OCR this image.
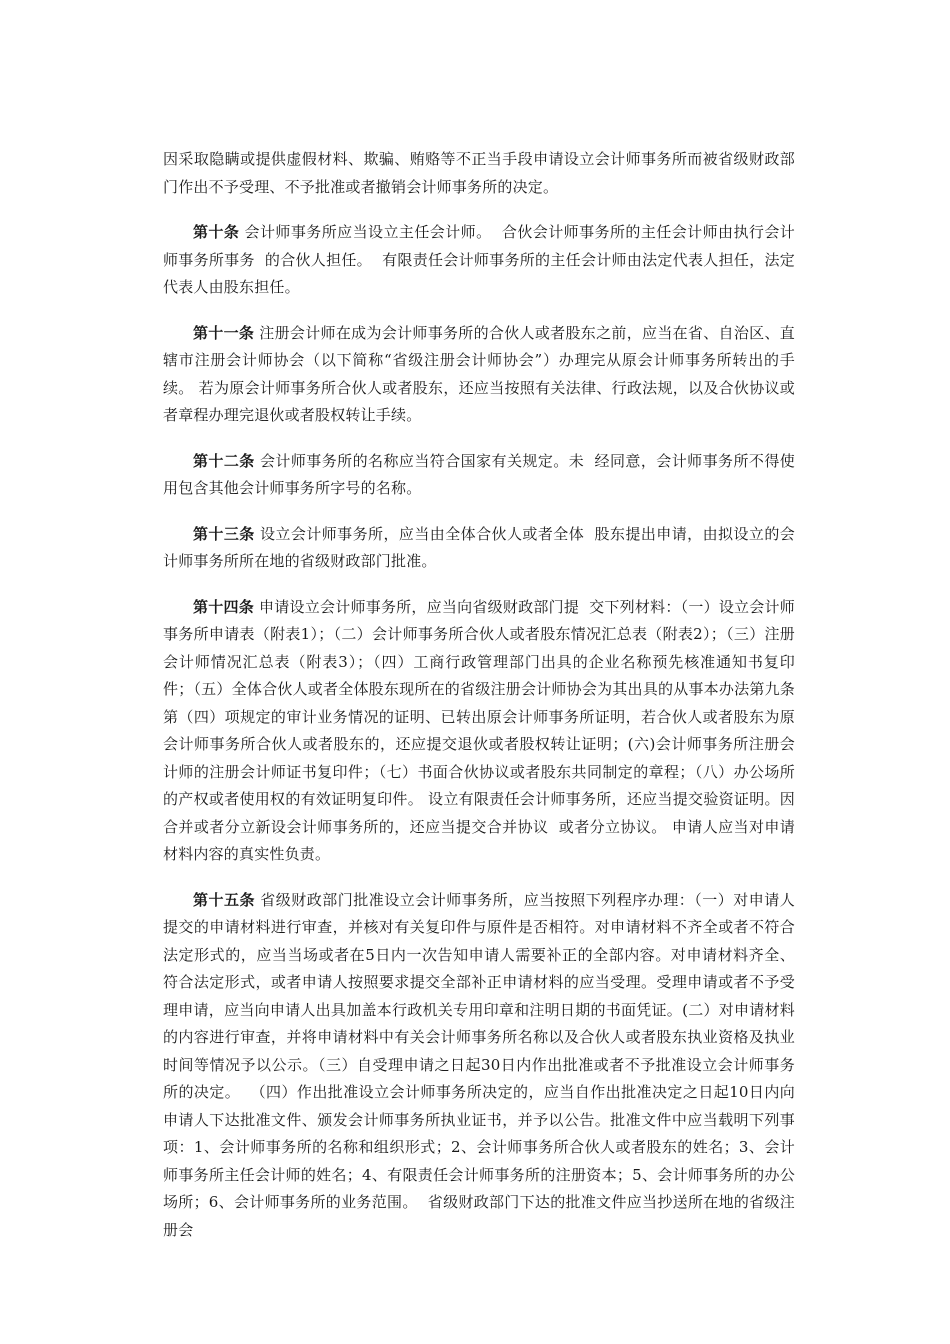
因采取隐瞒或提供虚假材料、欺骗、贿赂等不正当手段申请设立会计师事务所而被省级财政部门作出不予受理、不予批准或者撤销会计师事务所的决定。

第十条 会计师事务所应当设立主任会计师。  合伙会计师事务所的主任会计师由执行会计师事务所事务  的合伙人担任。  有限责任会计师事务所的主任会计师由法定代表人担任，法定代表人由股东担任。

第十一条 注册会计师在成为会计师事务所的合伙人或者股东之前，应当在省、自治区、直辖市注册会计师协会（以下简称“省级注册会计师协会”）办理完从原会计师事务所转出的手续。 若为原会计师事务所合伙人或者股东，还应当按照有关法律、行政法规，以及合伙协议或者章程办理完退伙或者股权转让手续。

第十二条 会计师事务所的名称应当符合国家有关规定。未  经同意，会计师事务所不得使用包含其他会计师事务所字号的名称。

第十三条 设立会计师事务所，应当由全体合伙人或者全体  股东提出申请，由拟设立的会计师事务所所在地的省级财政部门批准。

第十四条 申请设立会计师事务所，应当向省级财政部门提  交下列材料：（一）设立会计师事务所申请表（附表1）；（二）会计师事务所合伙人或者股东情况汇总表（附表2）；（三）注册会计师情况汇总表（附表3）；（四）工商行政管理部门出具的企业名称预先核准通知书复印件；（五）全体合伙人或者全体股东现所在的省级注册会计师协会为其出具的从事本办法第九条第（四）项规定的审计业务情况的证明、已转出原会计师事务所证明，若合伙人或者股东为原会计师事务所合伙人或者股东的，还应提交退伙或者股权转让证明；(六)会计师事务所注册会计师的注册会计师证书复印件；（七）书面合伙协议或者股东共同制定的章程；（八）办公场所的产权或者使用权的有效证明复印件。 设立有限责任会计师事务所，还应当提交验资证明。因合并或者分立新设会计师事务所的，还应当提交合并协议  或者分立协议。 申请人应当对申请材料内容的真实性负责。

第十五条 省级财政部门批准设立会计师事务所，应当按照下列程序办理：（一）对申请人提交的申请材料进行审查，并核对有关复印件与原件是否相符。对申请材料不齐全或者不符合法定形式的，应当当场或者在5日内一次告知申请人需要补正的全部内容。对申请材料齐全、符合法定形式，或者申请人按照要求提交全部补正申请材料的应当受理。受理申请或者不予受理申请，应当向申请人出具加盖本行政机关专用印章和注明日期的书面凭证。(二）对申请材料的内容进行审查，并将申请材料中有关会计师事务所名称以及合伙人或者股东执业资格及执业时间等情况予以公示。（三）自受理申请之日起30日内作出批准或者不予批准设立会计师事务所的决定。  （四）作出批准设立会计师事务所决定的，应当自作出批准决定之日起10日内向申请人下达批准文件、颁发会计师事务所执业证书，并予以公告。批准文件中应当载明下列事项：1、会计师事务所的名称和组织形式；2、会计师事务所合伙人或者股东的姓名；3、会计师事务所主任会计师的姓名；4、有限责任会计师事务所的注册资本；5、会计师事务所的办公场所；6、会计师事务所的业务范围。  省级财政部门下达的批准文件应当抄送所在地的省级注册会
